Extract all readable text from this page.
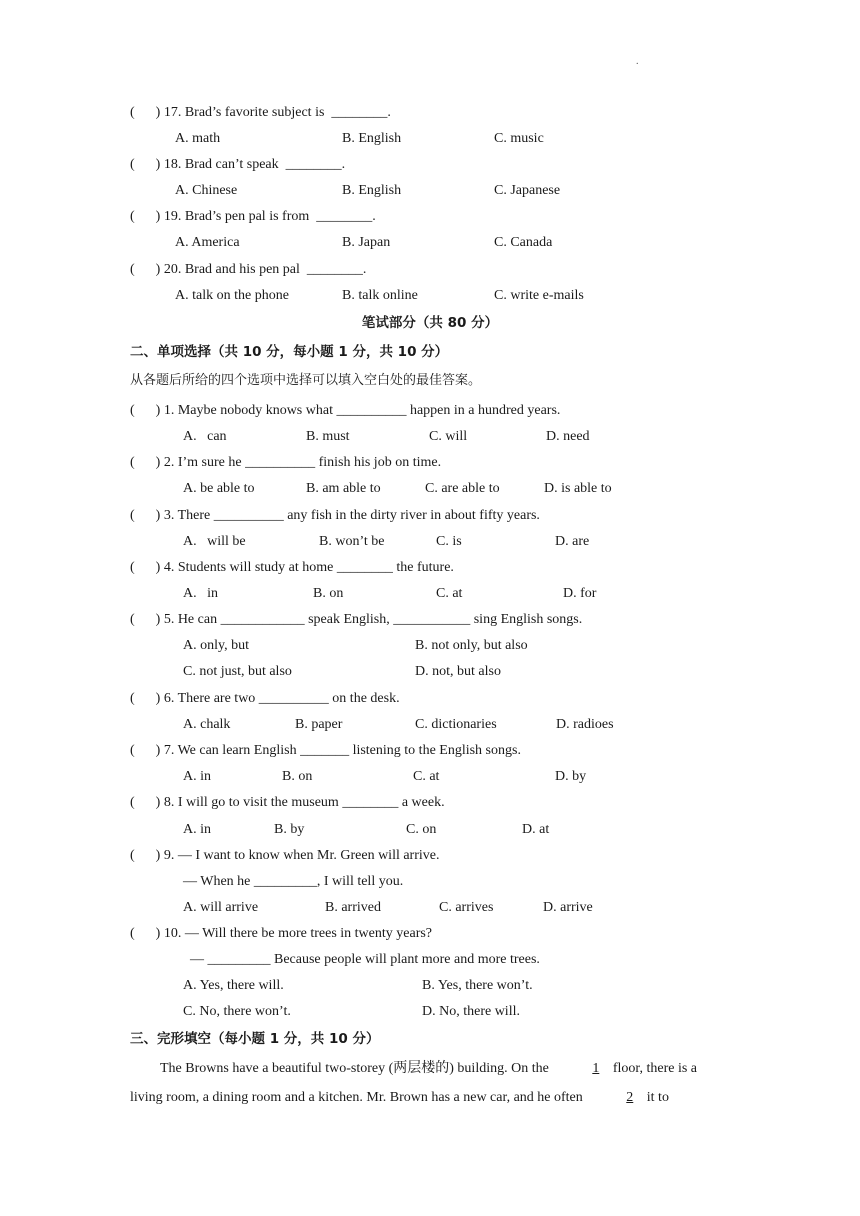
.
(      ) 17. Brad’s favorite subject is  ________.
A. math	B. English	C. music
(      ) 18. Brad can’t speak  ________.
A. Chinese	B. English	C. Japanese
(      ) 19. Brad’s pen pal is from  ________.
A. America	B. Japan	C. Canada
(      ) 20. Brad and his pen pal  ________.
A. talk on the phone	B. talk online	C. write e-mails
笔试部分（共 80 分）
二、单项选择（共 10 分，每小题 1 分，共 10 分）
从各题后所给的四个选项中选择可以填入空白处的最佳答案。
(      ) 1. Maybe nobody knows what __________ happen in a hundred years.
A.   can	B. must	C. will	D. need
(      ) 2. I’m sure he __________ finish his job on time.
A. be able to	B. am able to	C. are able to	D. is able to
(      ) 3. There __________ any fish in the dirty river in about fifty years.
A.   will be	B. won’t be	C. is	D. are
(      ) 4. Students will study at home ________ the future.
A.   in	B. on	C. at	D. for
(      ) 5. He can ____________ speak English, ___________ sing English songs.
A. only, but	B. not only, but also
C. not just, but also	D. not, but also
(      ) 6. There are two __________ on the desk.
A. chalk	B. paper	C. dictionaries	D. radioes
(      ) 7. We can learn English _______ listening to the English songs.
A. in	B. on	C. at	D. by
(      ) 8. I will go to visit the museum ________ a week.
A. in	B. by	C. on	D. at
(      ) 9. — I want to know when Mr. Green will arrive.
— When he _________, I will tell you.
A. will arrive	B. arrived	C. arrives	D. arrive
(      ) 10. — Will there be more trees in twenty years?
— _________ Because people will plant more and more trees.
A. Yes, there will.	B. Yes, there won’t.
C. No, there won’t.	D. No, there will.
三、完形填空（每小题 1 分，共 10 分）
The Browns have a beautiful two-storey (两层楼的) building. On the	1 floor, there is a living room, a dining room and a kitchen. Mr. Brown has a new car, and he often	2 it to
